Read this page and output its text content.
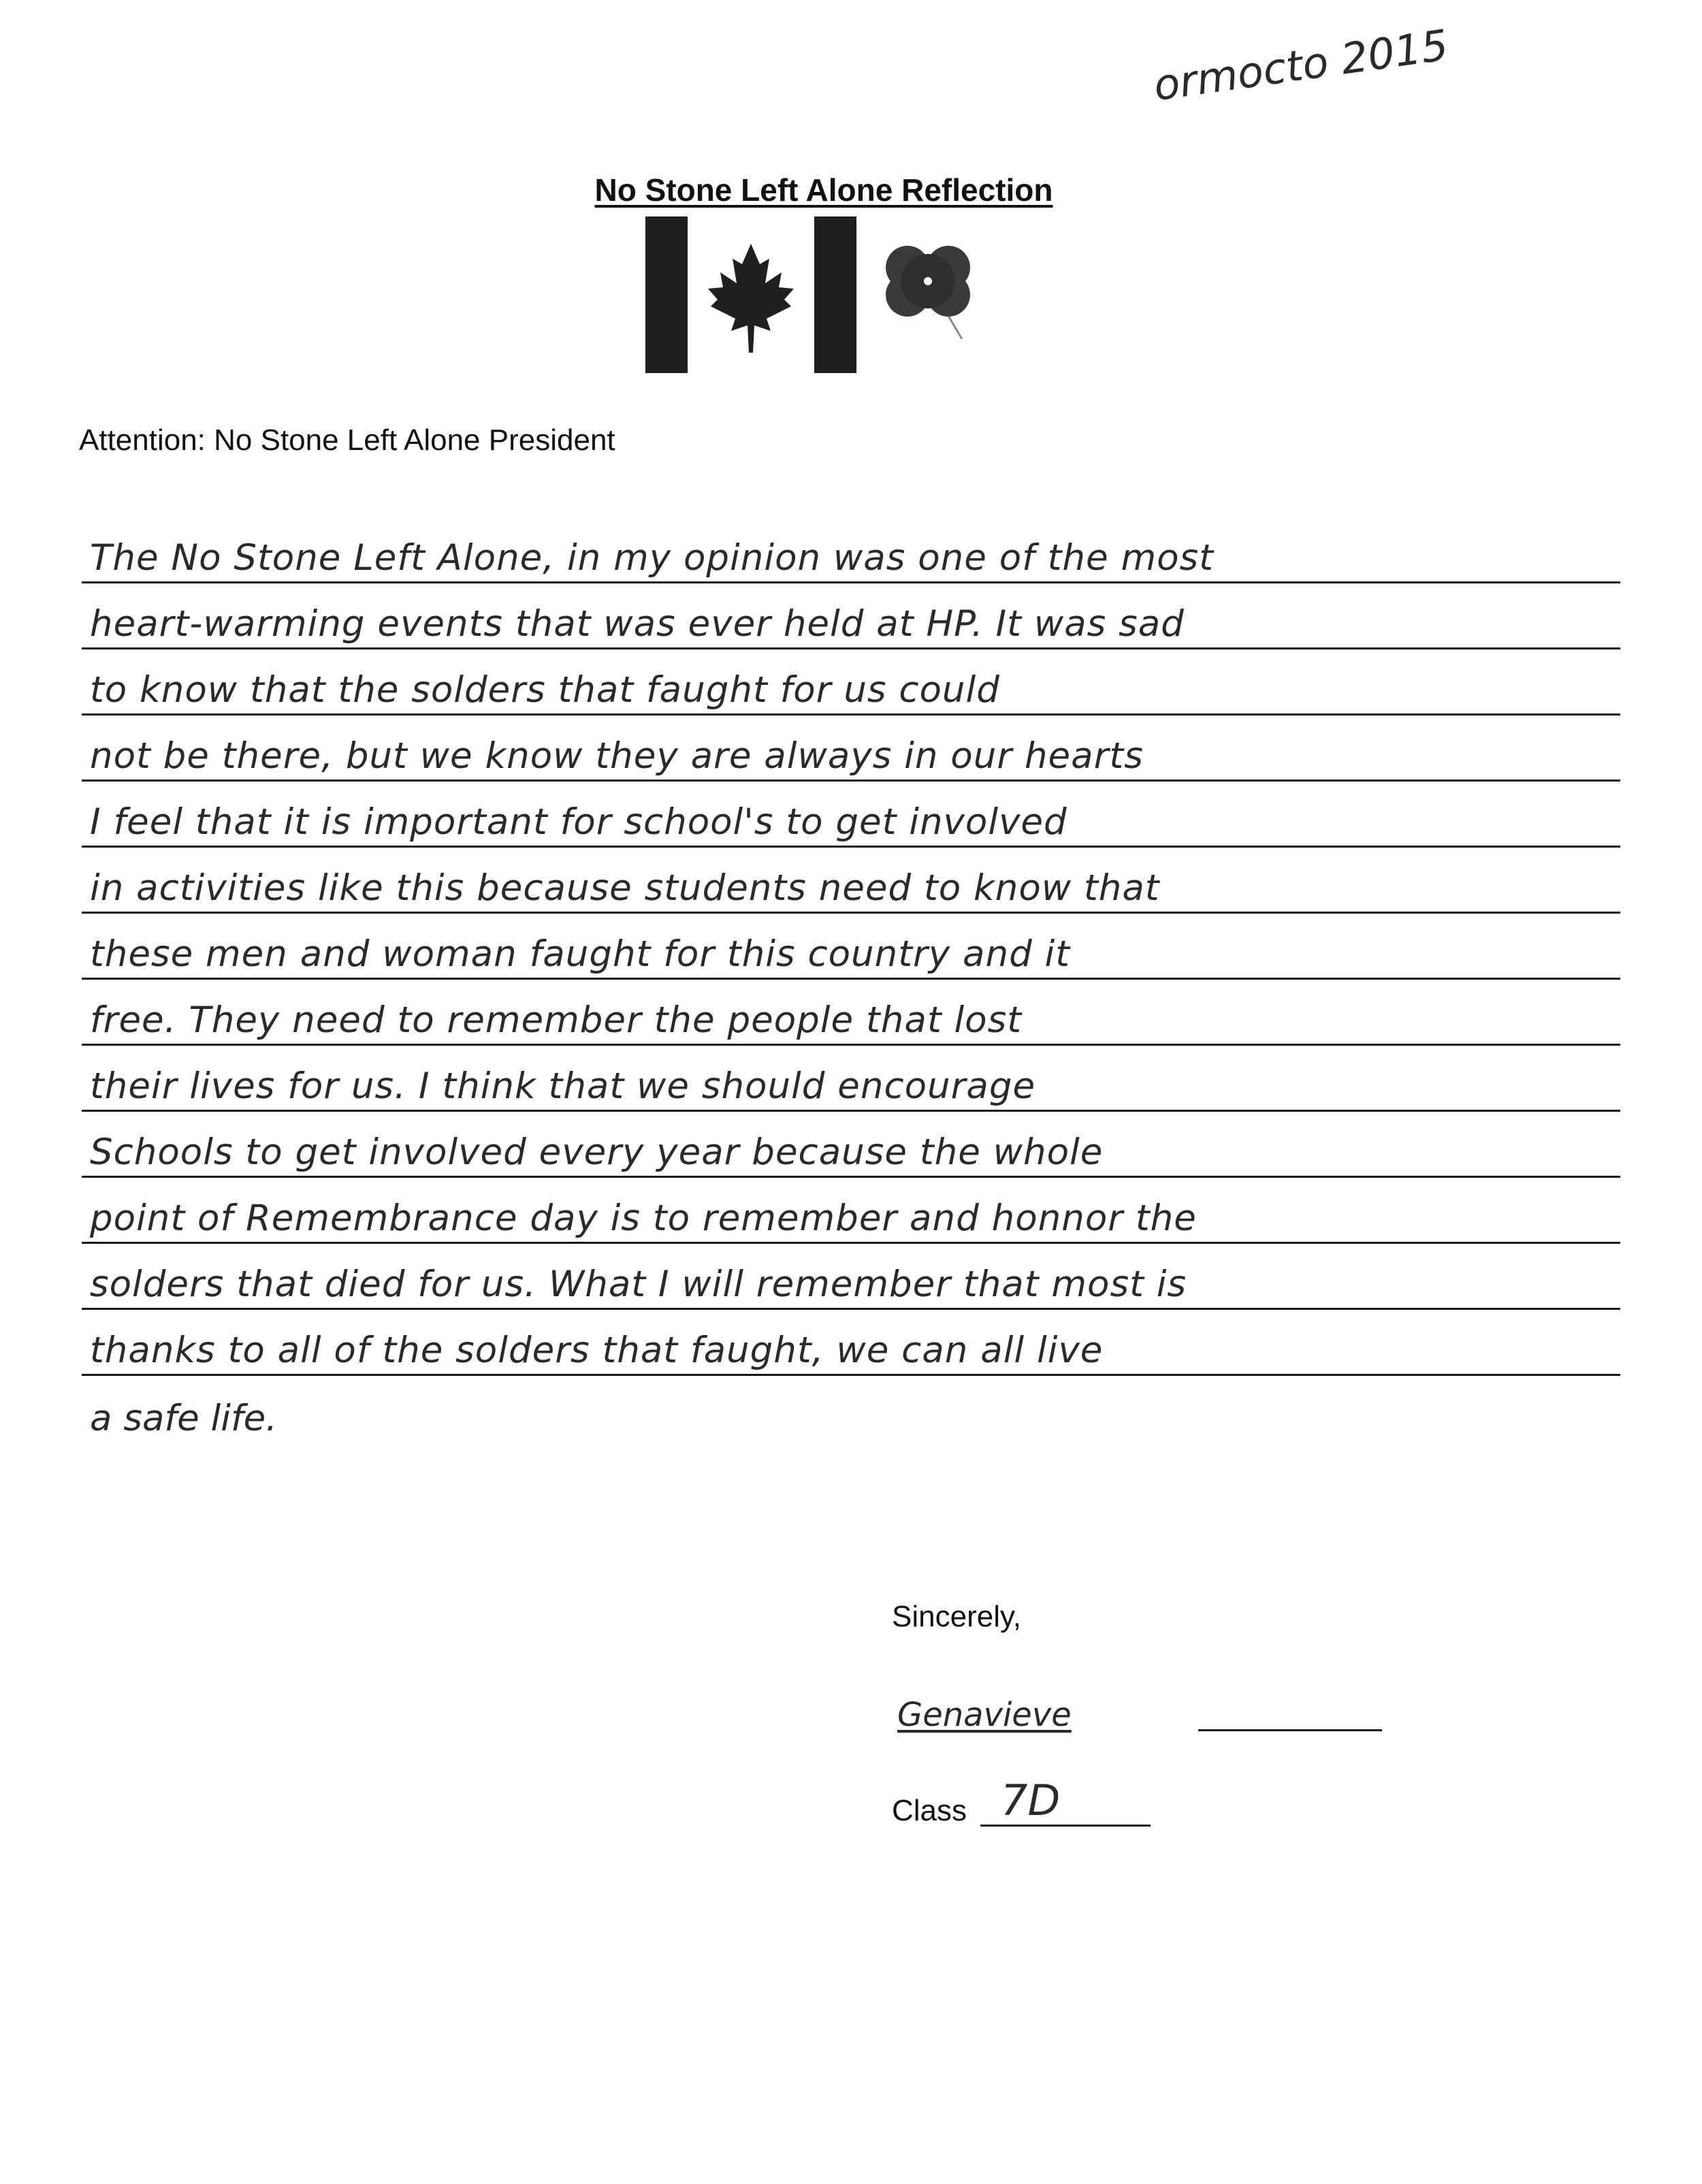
ormocto 2015
No Stone Left Alone Reflection
Attention: No Stone Left Alone President
The No Stone Left Alone, in my opinion was one of the most
heart-warming events that was ever held at HP. It was sad
to know that the solders that faught for us could
not be there, but we know they are always in our hearts
I feel that it is important for school's to get involved
in activities like this because students need to know that
these men and woman faught for this country and it
free. They need to remember the people that lost
their lives for us. I think that we should encourage
Schools to get involved every year because the whole
point of Remembrance day is to remember and honnor the
solders that died for us. What I will remember that most is
thanks to all of the solders that faught, we can all live
a safe life.
Sincerely,
Genavieve
Class 7D
